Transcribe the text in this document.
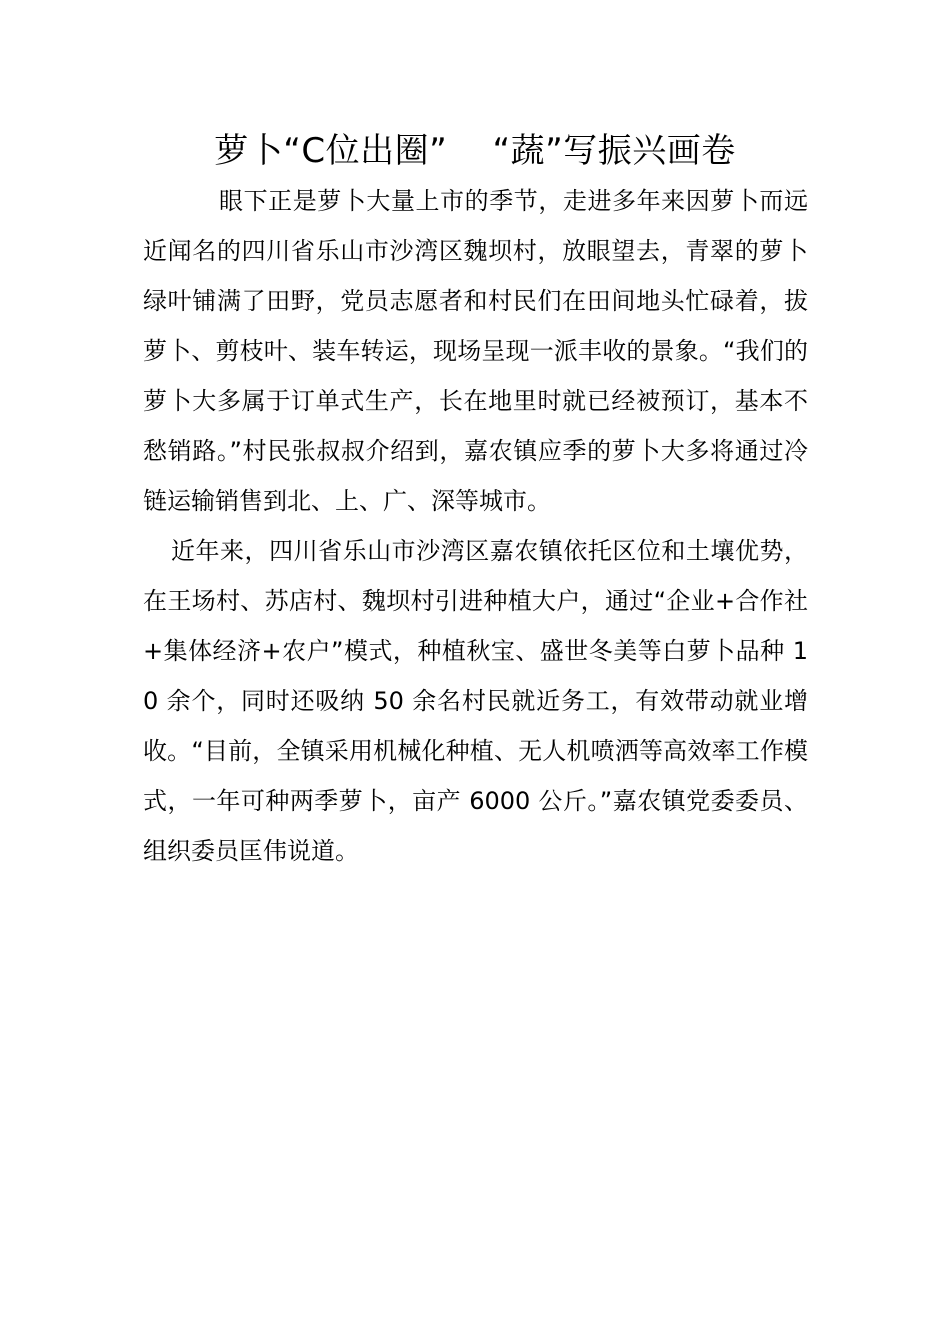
萝卜“C位出圈”    “蔬”写振兴画卷

眼下正是萝卜大量上市的季节，走进多年来因萝卜而远近闻名的四川省乐山市沙湾区魏坝村，放眼望去，青翠的萝卜绿叶铺满了田野，党员志愿者和村民们在田间地头忙碌着，拔萝卜、剪枝叶、装车转运，现场呈现一派丰收的景象。“我们的萝卜大多属于订单式生产，长在地里时就已经被预订，基本不愁销路。”村民张叔叔介绍到，嘉农镇应季的萝卜大多将通过冷链运输销售到北、上、广、深等城市。

近年来，四川省乐山市沙湾区嘉农镇依托区位和土壤优势，在王场村、苏店村、魏坝村引进种植大户，通过“企业+合作社+集体经济+农户”模式，种植秋宝、盛世冬美等白萝卜品种 10 余个，同时还吸纳 50 余名村民就近务工，有效带动就业增收。“目前，全镇采用机械化种植、无人机喷洒等高效率工作模式，一年可种两季萝卜，亩产 6000 公斤。”嘉农镇党委委员、组织委员匡伟说道。
